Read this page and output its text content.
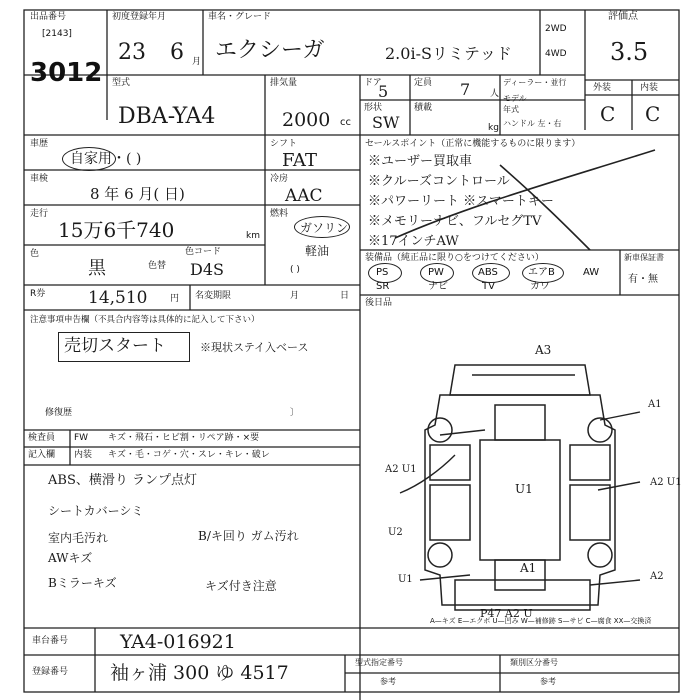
出品番号
[2143]
3012
初度登録年月
23 6 月
車名・グレード
エクシーガ	2.0i-Sリミテッド
2WD
4WD
評価点
3.5
外装	内装
C C
型式
DBA-YA4
排気量
2000 cc
ドア
5	定員 7 人
ディーラー・並行
モデル
年式
ハンドル 左・右
形状
SW
積載
kg
車歴
自家用・( )
シフト
FAT
セールスポイント（正常に機能するものに限ります）
※ユーザー買取車
※クルーズコントロール
※パワーリート ※スマートキー
※メモリーナビ、フルセグTV
※17インチAW
車検
8 年 6 月( 日)
冷房
AAC
走行
15万6千740	km
燃料
ガソリン
軽油
( )
色
黒	色替
色コード
D4S
装備品（純正品に限り○をつけてください）
PS	PW	ABS	エアB	AW
SR	ナビ	TV	カワ
新車保証書
有・無
後日品
R券	14,510	円 名変期限	月	日
注意事項申告欄（不具合内容等は具体的に記入して下さい）
売切スタート	※現状ステイ入ベース
修復歴	〕
検査員 FW キズ・飛石・ヒビ割・リペア跡・×要
記入欄 内装 キズ・毛・コゲ・穴・スレ・キレ・破レ
ABS、横滑り ランプ点灯
シートカバーシミ
室内毛汚れ
AWキズ
Bミラーキズ
B/キ回り ガム汚れ
キズ付き注意
A3
A1
A2 U1
U1
U2
U1
A1
A2 U1
A2
P47 A2 U
A—キズ E—エクボ U—凹み W—補修跡 S—サビ C—腐食 XX—交換済
車台番号	YA4-016921
登録番号 袖ヶ浦 300 ゆ 4517	型式指定番号
参考
類別区分番号
参考
